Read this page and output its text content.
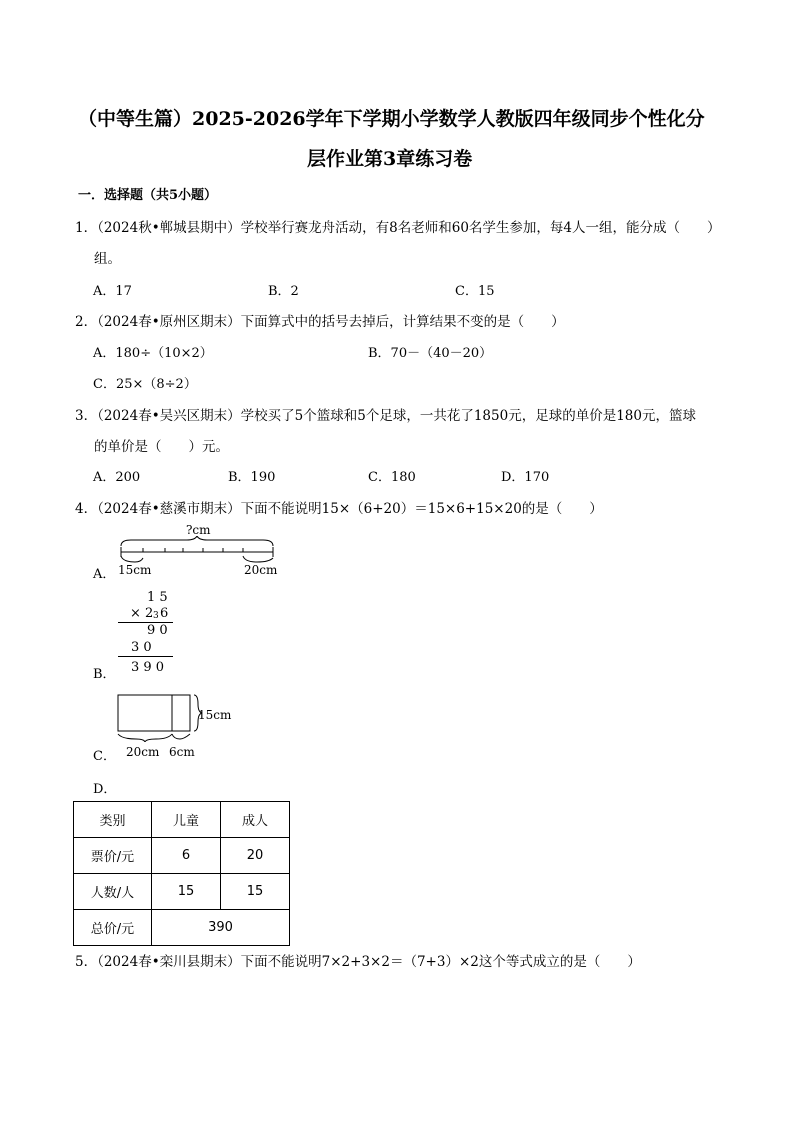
（中等生篇）2025-2026学年下学期小学数学人教版四年级同步个性化分
层作业第3章练习卷
一．选择题（共5小题）
1．（2024秋•郸城县期中）学校举行赛龙舟活动，有8名老师和60名学生参加，每4人一组，能分成（　　）
组。
A．17	B．2	C．15
2．（2024春•原州区期末）下面算式中的括号去掉后，计算结果不变的是（　　）
A．180÷（10×2）	B．70－（40－20）
C．25×（8÷2）
3．（2024春•吴兴区期末）学校买了5个篮球和5个足球，一共花了1850元，足球的单价是180元，篮球
的单价是（　　）元。
A．200	B．190	C．180	D．170
4．（2024春•慈溪市期末）下面不能说明15×（6+20）＝15×6+15×20的是（　　）
A．
?cm
15cm	20cm
B．
1 5
× 2 3 6
9 0
3 0
3 9 0
C．
15cm
20cm 6cm
D．
类别	儿童	成人
票价/元	6	20
人数/人	15	15
总价/元	390	
5．（2024春•栾川县期末）下面不能说明7×2+3×2＝（7+3）×2这个等式成立的是（　　）
